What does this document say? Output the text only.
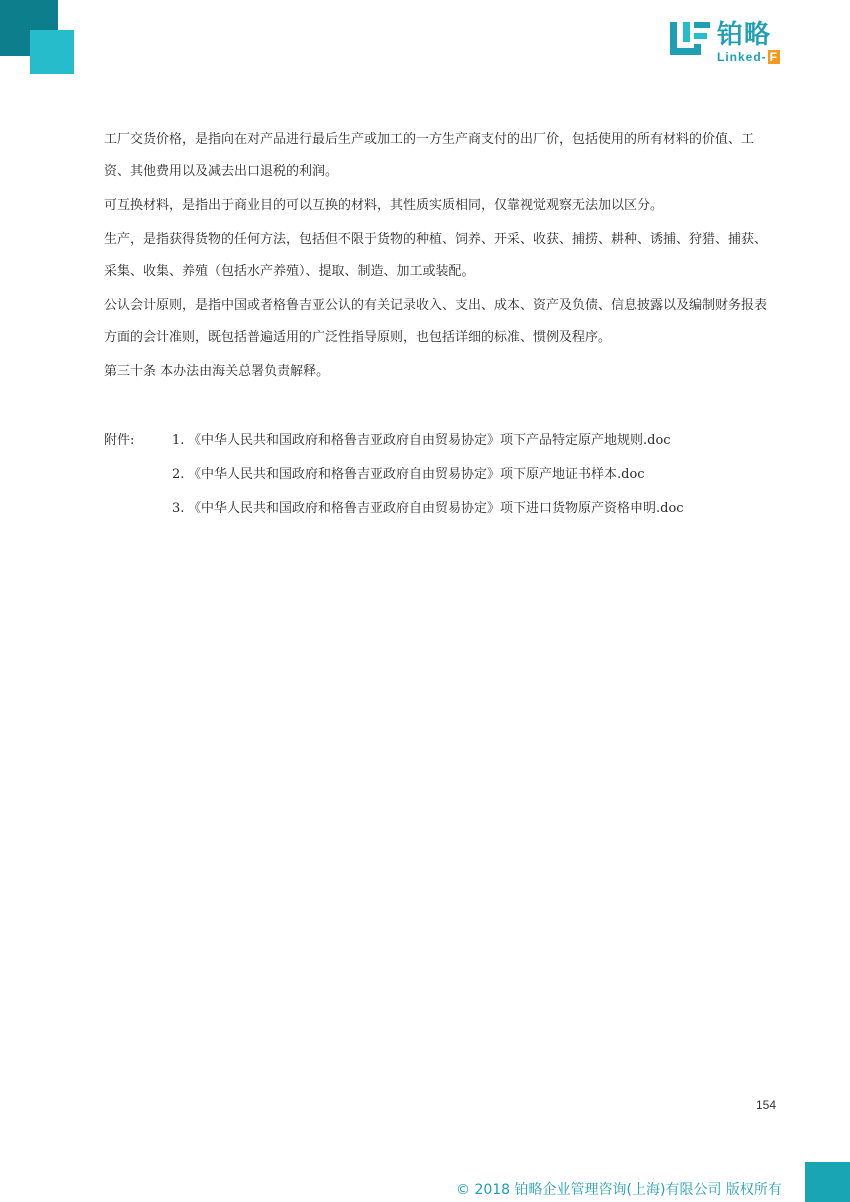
铂略
Linked- F

工厂交货价格，是指向在对产品进行最后生产或加工的一方生产商支付的出厂价，包括使用的所有材料的价值、工资、其他费用以及减去出口退税的利润。

可互换材料，是指出于商业目的可以互换的材料，其性质实质相同，仅靠视觉观察无法加以区分。

生产，是指获得货物的任何方法，包括但不限于货物的种植、饲养、开采、收获、捕捞、耕种、诱捕、狩猎、捕获、采集、收集、养殖（包括水产养殖）、提取、制造、加工或装配。

公认会计原则，是指中国或者格鲁吉亚公认的有关记录收入、支出、成本、资产及负债、信息披露以及编制财务报表方面的会计准则，既包括普遍适用的广泛性指导原则，也包括详细的标准、惯例及程序。

第三十条 本办法由海关总署负责解释。

附件:	1. 《中华人民共和国政府和格鲁吉亚政府自由贸易协定》项下产品特定原产地规则.doc
2. 《中华人民共和国政府和格鲁吉亚政府自由贸易协定》项下原产地证书样本.doc
3. 《中华人民共和国政府和格鲁吉亚政府自由贸易协定》项下进口货物原产资格申明.doc
154
© 2018 铂略企业管理咨询(上海)有限公司 版权所有
